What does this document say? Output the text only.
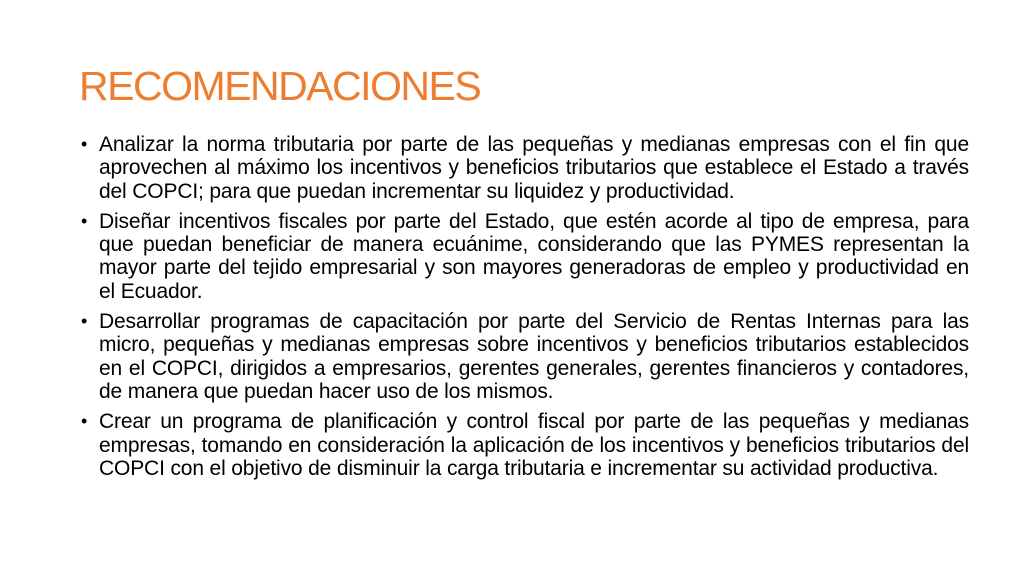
RECOMENDACIONES
• Analizar la norma tributaria por parte de las pequeñas y medianas empresas con el fin que aprovechen al máximo los incentivos y beneficios tributarios que establece el Estado a través del COPCI; para que puedan incrementar su liquidez y productividad.
• Diseñar incentivos fiscales por parte del Estado, que estén acorde al tipo de empresa, para que puedan beneficiar de manera ecuánime, considerando que las PYMES representan la mayor parte del tejido empresarial y son mayores generadoras de empleo y productividad en el Ecuador.
• Desarrollar programas de capacitación por parte del Servicio de Rentas Internas para las micro, pequeñas y medianas empresas sobre incentivos y beneficios tributarios establecidos en el COPCI, dirigidos a empresarios, gerentes generales, gerentes financieros y contadores, de manera que puedan hacer uso de los mismos.
• Crear un programa de planificación y control fiscal por parte de las pequeñas y medianas empresas, tomando en consideración la aplicación de los incentivos y beneficios tributarios del COPCI con el objetivo de disminuir la carga tributaria e incrementar su actividad productiva.
